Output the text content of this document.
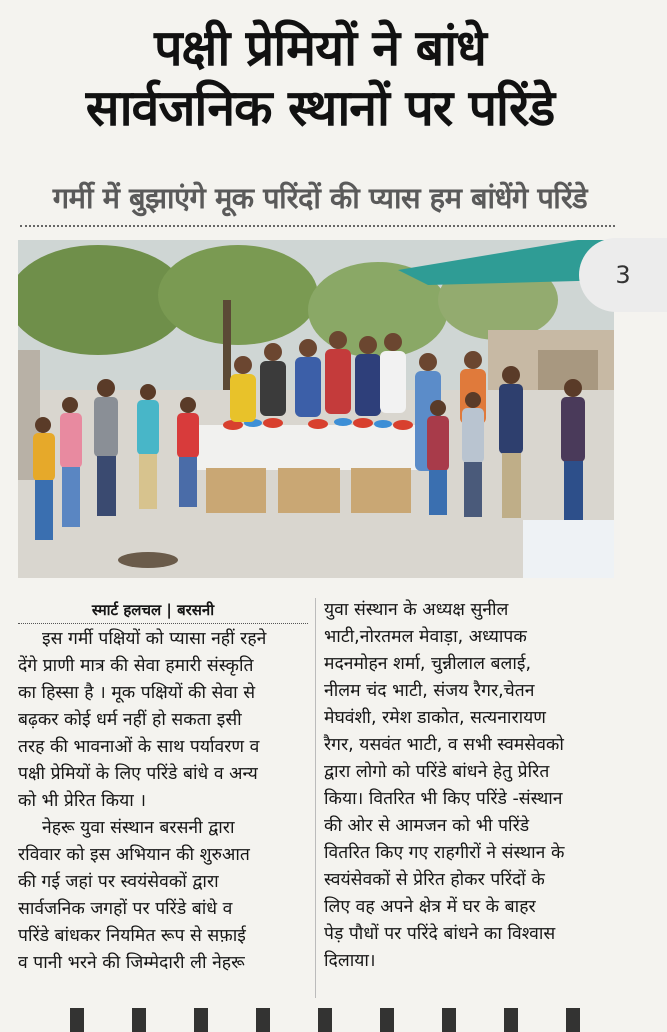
पक्षी प्रेमियों ने बांधे
सार्वजनिक स्थानों पर परिंडे
गर्मी में बुझाएंगे मूक परिंदों की प्यास हम बांधेंगे परिंडे
3
स्मार्ट हलचल | बरसनी
इस गर्मी पक्षियों को प्यासा नहीं रहने
देंगे प्राणी मात्र की सेवा हमारी संस्कृति
का हिस्सा है । मूक पक्षियों की सेवा से
बढ़कर कोई धर्म नहीं हो सकता इसी
तरह की भावनाओं के साथ पर्यावरण व
पक्षी प्रेमियों के लिए परिंडे बांधे व अन्य
को भी प्रेरित किया ।
नेहरू युवा संस्थान बरसनी द्वारा
रविवार को इस अभियान की शुरुआत
की गई जहां पर स्वयंसेवकों द्वारा
सार्वजनिक जगहों पर परिंडे बांधे व
परिंडे बांधकर नियमित रूप से सफ़ाई
व पानी भरने की जिम्मेदारी ली नेहरू
युवा संस्थान के अध्यक्ष सुनील
भाटी,नोरतमल मेवाड़ा, अध्यापक
मदनमोहन शर्मा, चुन्नीलाल बलाई,
नीलम चंद भाटी, संजय रैगर,चेतन
मेघवंशी, रमेश डाकोत, सत्यनारायण
रैगर, यसवंत भाटी, व सभी स्वमसेवको
द्वारा लोगो को परिंडे बांधने हेतु प्रेरित
किया। वितरित भी किए परिंडे -संस्थान
की ओर से आमजन को भी परिंडे
वितरित किए गए राहगीरों ने संस्थान के
स्वयंसेवकों से प्रेरित होकर परिंदों के
लिए वह अपने क्षेत्र में घर के बाहर
पेड़ पौधों पर परिंदे बांधने का विश्वास
दिलाया।
